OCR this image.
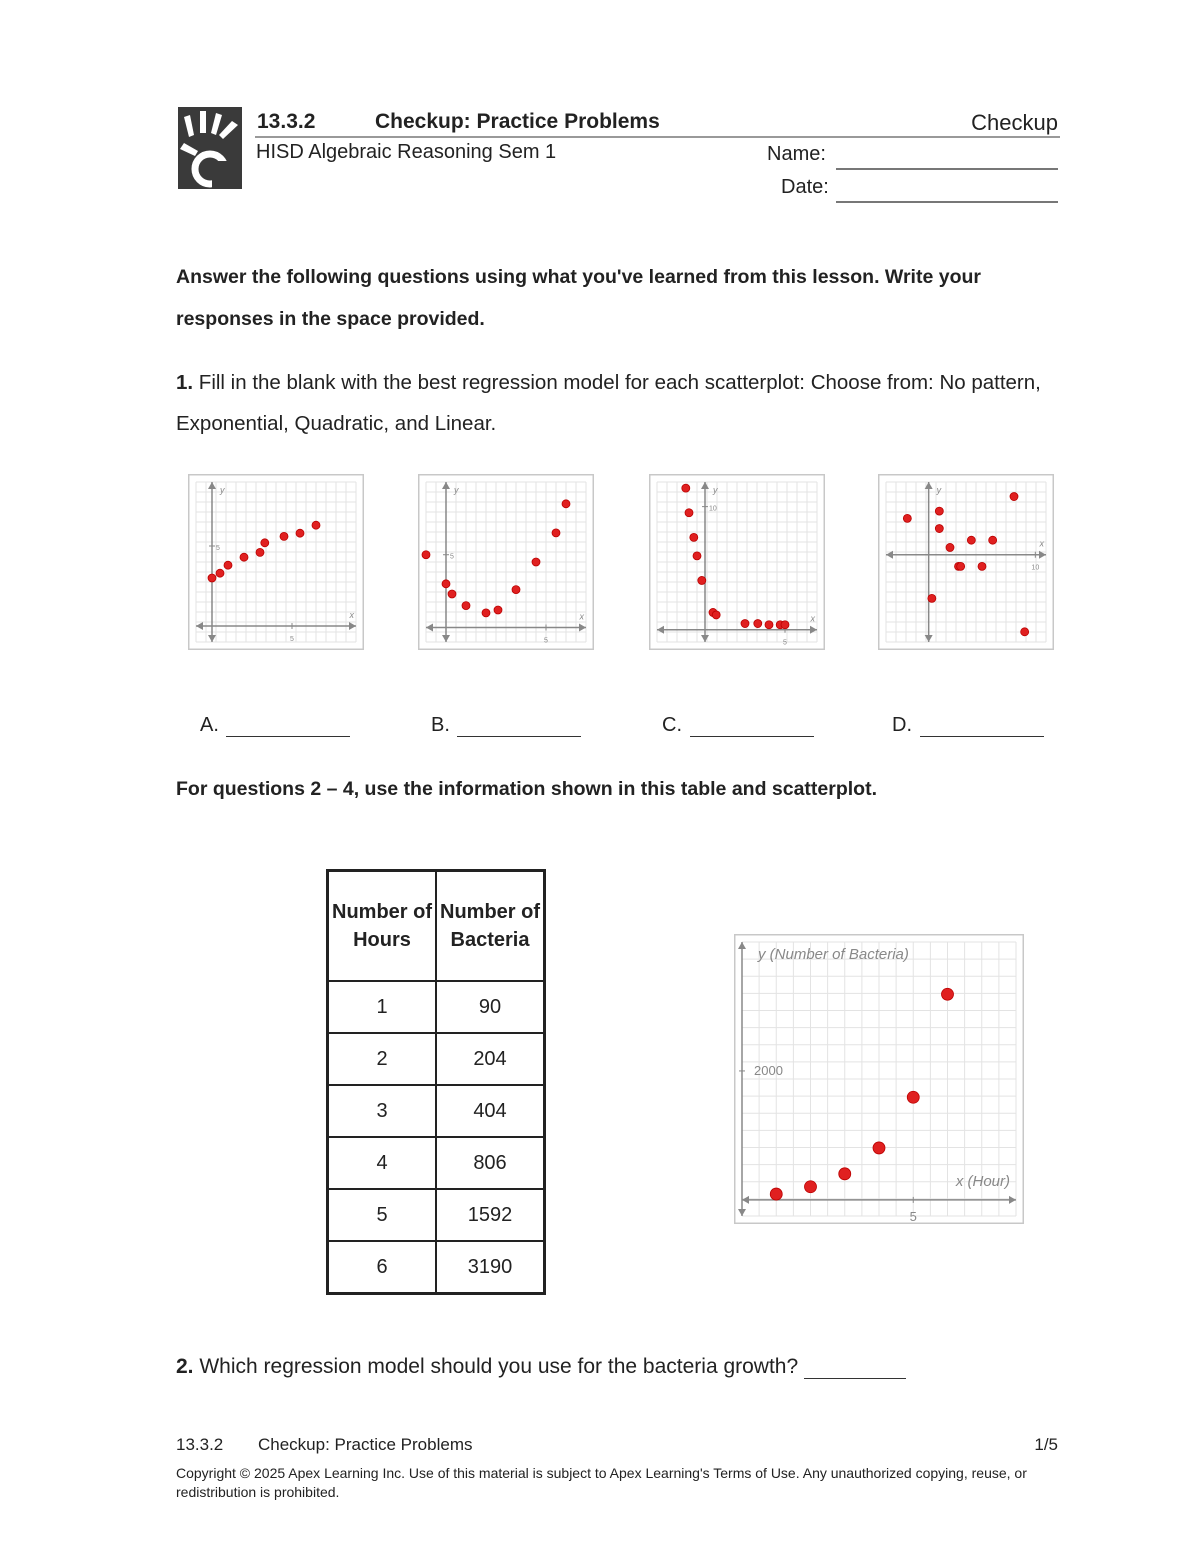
13.3.2	Checkup: Practice Problems	Checkup
HISD Algebraic Reasoning Sem 1	Name:
Date:
Answer the following questions using what you've learned from this lesson. Write your responses in the space provided.
1. Fill in the blank with the best regression model for each scatterplot: Choose from: No pattern, Exponential, Quadratic, and Linear.
5
5
x
y
5
5
x
y
5
10
x
y
10
x
y
A.	B.	C.	D.
For questions 2 – 4, use the information shown in this table and scatterplot.
Number of Hours	Number of Bacteria
1	90
2	204
3	404
4	806
5	1592
6	3190
5
2000
x (Hour)
y (Number of Bacteria)
2. Which regression model should you use for the bacteria growth?
13.3.2 Checkup: Practice Problems	1/5
Copyright © 2025 Apex Learning Inc. Use of this material is subject to Apex Learning's Terms of Use. Any unauthorized copying, reuse, or redistribution is prohibited.
